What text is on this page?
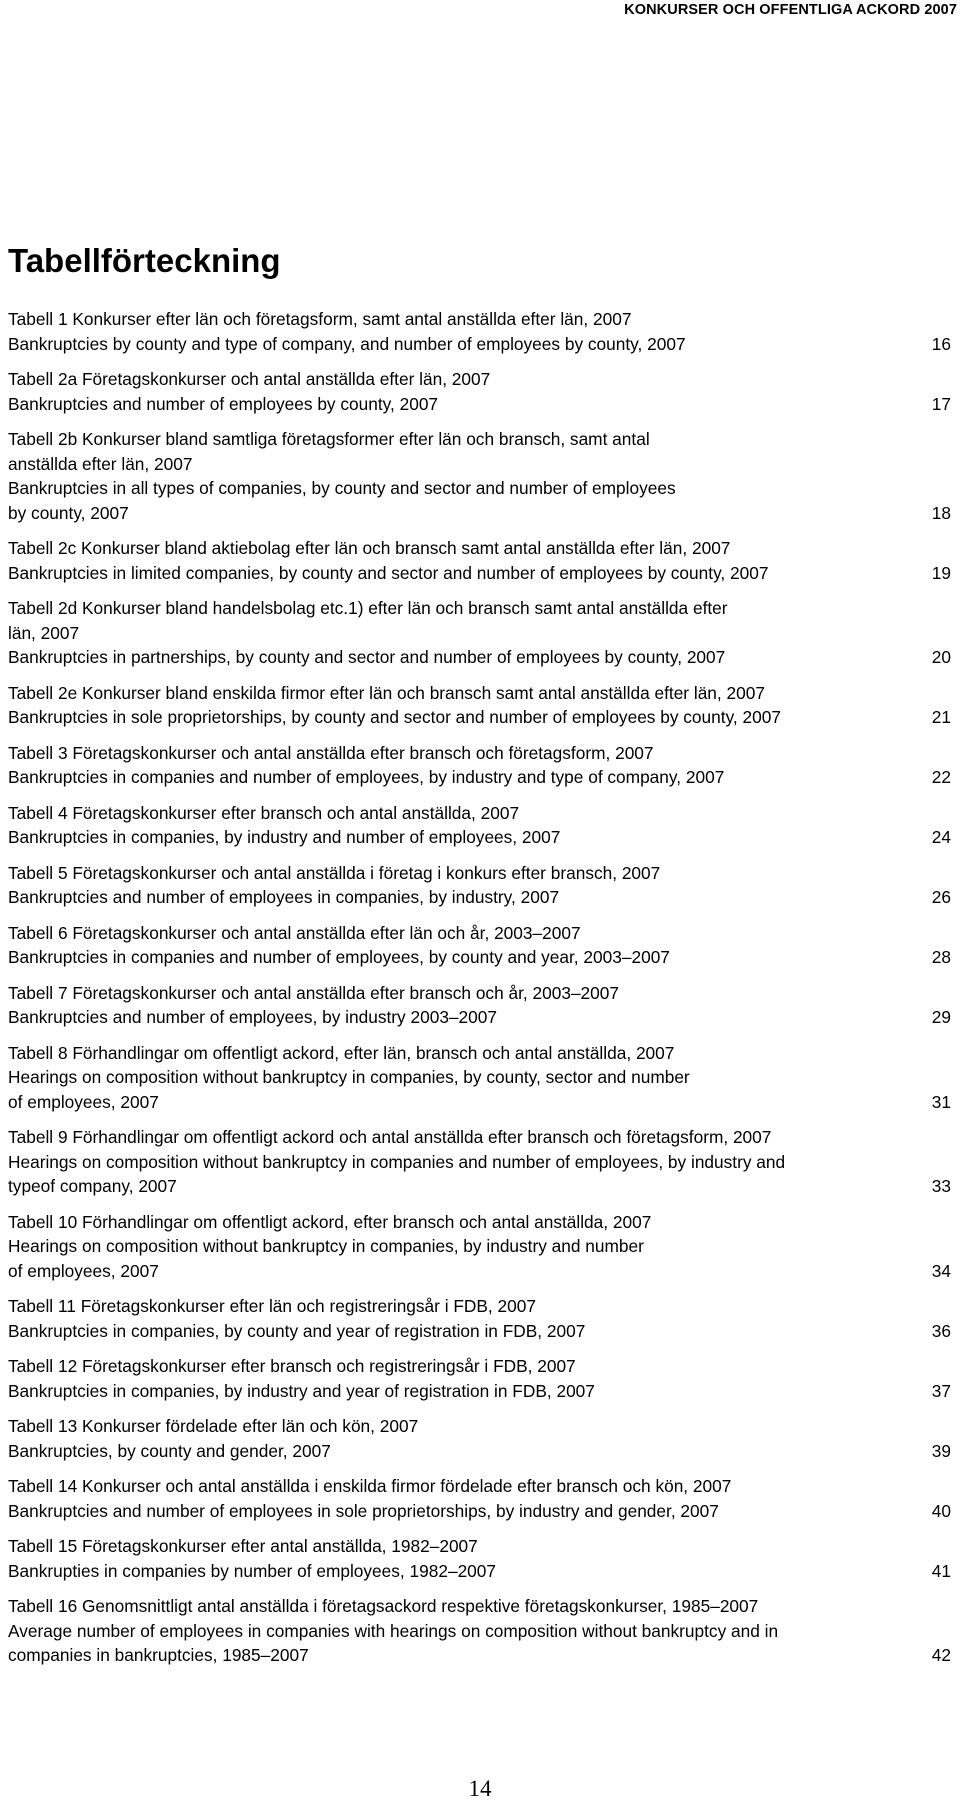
KONKURSER OCH OFFENTLIGA ACKORD 2007
Tabellförteckning
Tabell 1 Konkurser efter län och företagsform, samt antal anställda efter län, 2007
Bankruptcies by county and type of company, and number of employees by county, 2007	16
Tabell 2a Företagskonkurser och antal anställda efter län, 2007
Bankruptcies and number of employees by county, 2007	17
Tabell 2b Konkurser bland samtliga företagsformer efter län och bransch, samt antal
anställda efter län, 2007
Bankruptcies in all types of companies, by county and sector and number of employees
by county, 2007	18
Tabell 2c Konkurser bland aktiebolag efter län och bransch samt antal anställda efter län, 2007
Bankruptcies in limited companies, by county and sector and number of employees by county, 2007	19
Tabell 2d Konkurser bland handelsbolag etc.1) efter län och bransch samt antal anställda efter
län, 2007
Bankruptcies in partnerships, by county and sector and number of employees by county, 2007	20
Tabell 2e Konkurser bland enskilda firmor efter län och bransch samt antal anställda efter län, 2007
Bankruptcies in sole proprietorships, by county and sector and number of employees by county, 2007	21
Tabell 3 Företagskonkurser och antal anställda efter bransch och företagsform, 2007
Bankruptcies in companies and number of employees, by industry and type of company, 2007	22
Tabell 4 Företagskonkurser efter bransch och antal anställda, 2007
Bankruptcies in companies, by industry and number of employees, 2007	24
Tabell 5 Företagskonkurser och antal anställda i företag i konkurs efter bransch, 2007
Bankruptcies and number of employees in companies, by industry, 2007	26
Tabell 6 Företagskonkurser och antal anställda efter län och år, 2003–2007
Bankruptcies in companies and number of employees, by county and year, 2003–2007	28
Tabell 7 Företagskonkurser och antal anställda efter bransch och år, 2003–2007
Bankruptcies and number of employees, by industry 2003–2007	29
Tabell 8 Förhandlingar om offentligt ackord, efter län, bransch och antal anställda, 2007
Hearings on composition without bankruptcy in companies, by county, sector and number
of employees, 2007	31
Tabell 9 Förhandlingar om offentligt ackord och antal anställda efter bransch och företagsform, 2007
Hearings on composition without bankruptcy in companies and number of employees, by industry and
typeof company, 2007	33
Tabell 10 Förhandlingar om offentligt ackord, efter bransch och antal anställda, 2007
Hearings on composition without bankruptcy in companies, by industry and number
of employees, 2007	34
Tabell 11 Företagskonkurser efter län och registreringsår i FDB, 2007
Bankruptcies in companies, by county and year of registration in FDB, 2007	36
Tabell 12 Företagskonkurser efter bransch och registreringsår i FDB, 2007
Bankruptcies in companies, by industry and year of registration in FDB, 2007	37
Tabell 13 Konkurser fördelade efter län och kön, 2007
Bankruptcies, by county and gender, 2007	39
Tabell 14 Konkurser och antal anställda i enskilda firmor fördelade efter bransch och kön, 2007
Bankruptcies and number of employees in sole proprietorships, by industry and gender, 2007	40
Tabell 15 Företagskonkurser efter antal anställda, 1982–2007
Bankrupties in companies by number of employees, 1982–2007	41
Tabell 16 Genomsnittligt antal anställda i företagsackord respektive företagskonkurser, 1985–2007
Average number of employees in companies with hearings on composition without bankruptcy and in
companies in bankruptcies, 1985–2007	42
14
